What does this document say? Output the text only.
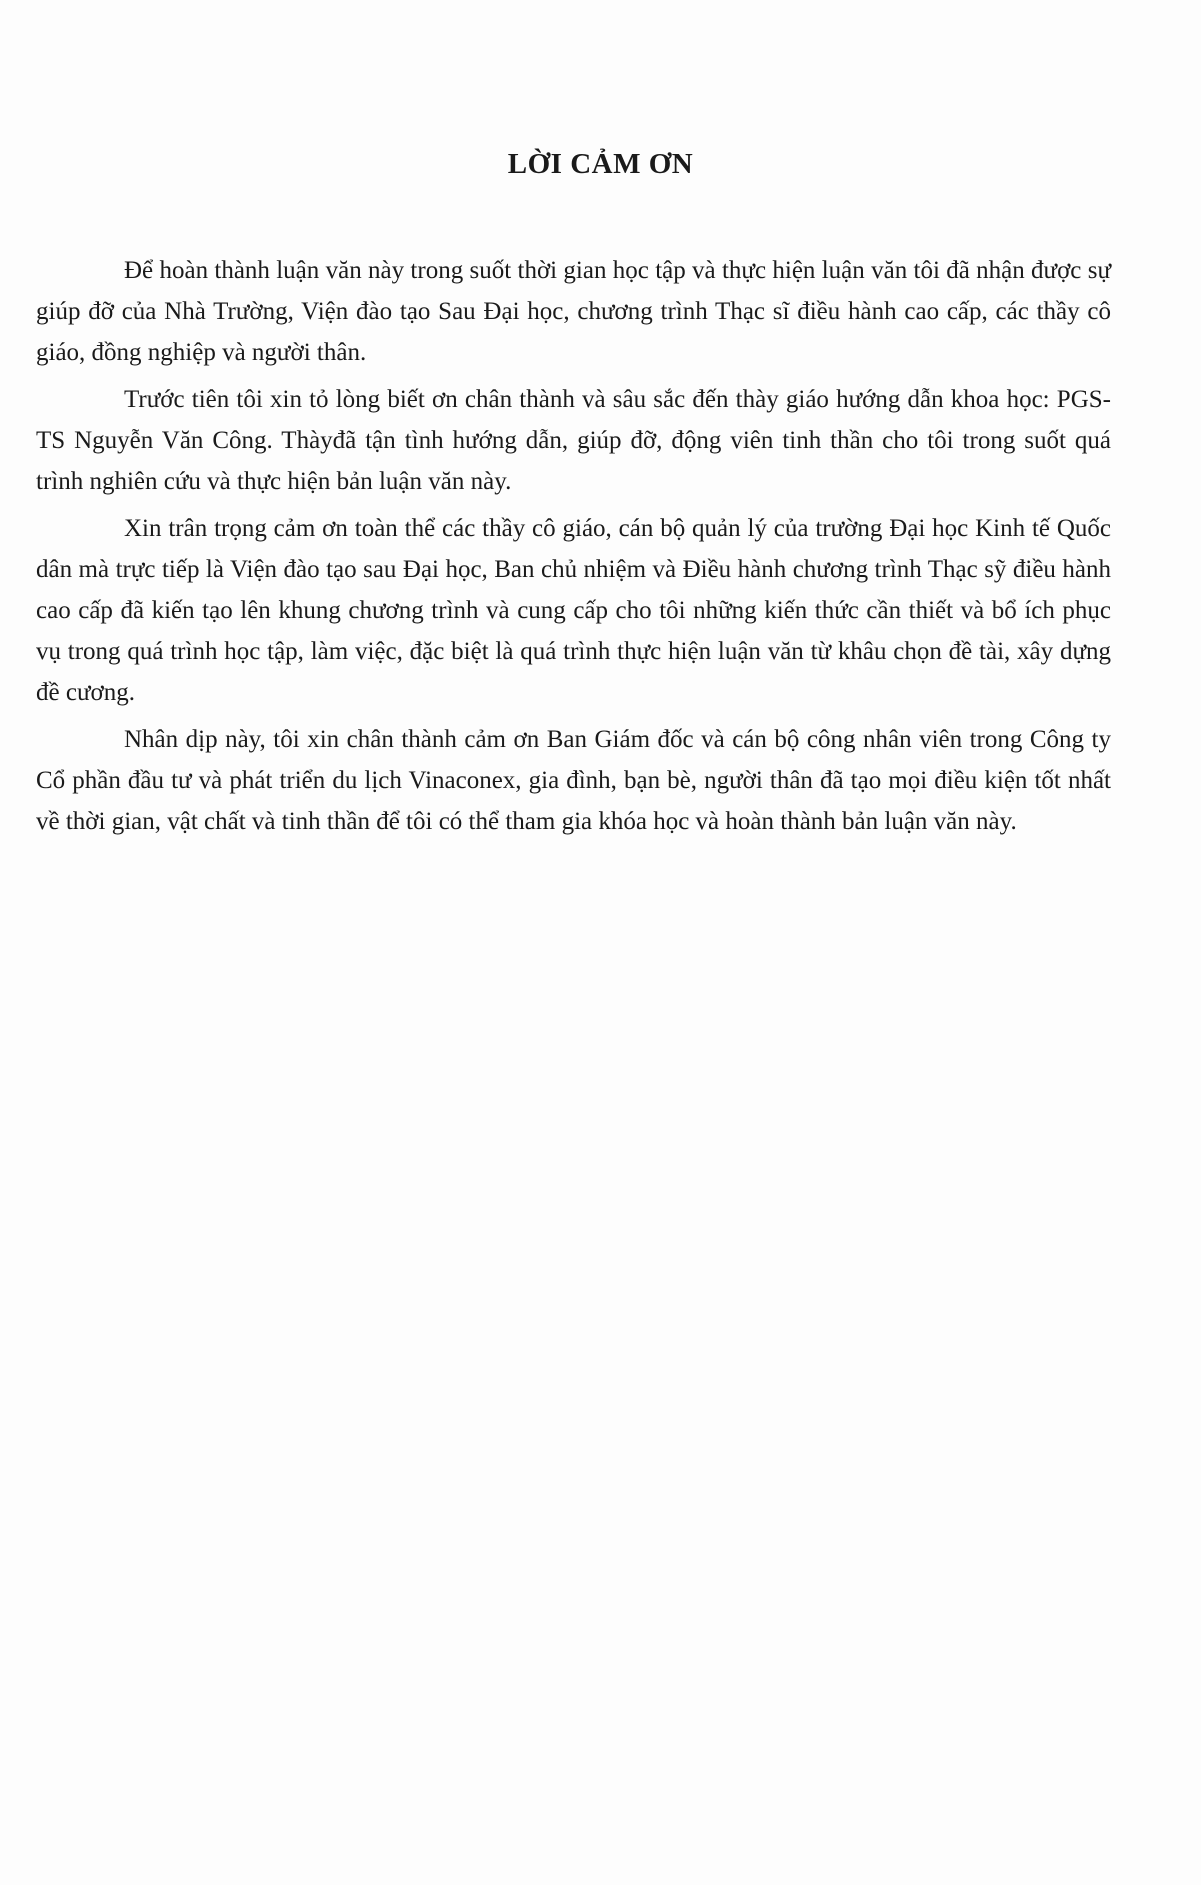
LỜI CẢM ƠN

Để hoàn thành luận văn này trong suốt thời gian học tập và thực hiện luận văn tôi đã nhận được sự giúp đỡ của Nhà Trường, Viện đào tạo Sau Đại học, chương trình Thạc sĩ điều hành cao cấp, các thầy cô giáo, đồng nghiệp và người thân.

Trước tiên tôi xin tỏ lòng biết ơn chân thành và sâu sắc đến thày giáo hướng dẫn khoa học: PGS-TS Nguyễn Văn Công. Thàyđã tận tình hướng dẫn, giúp đỡ, động viên tinh thần cho tôi trong suốt quá trình nghiên cứu và thực hiện bản luận văn này.

Xin trân trọng cảm ơn toàn thể các thầy cô giáo, cán bộ quản lý của trường Đại học Kinh tế Quốc dân mà trực tiếp là Viện đào tạo sau Đại học, Ban chủ nhiệm và Điều hành chương trình Thạc sỹ điều hành cao cấp đã kiến tạo lên khung chương trình và cung cấp cho tôi những kiến thức cần thiết và bổ ích phục vụ trong quá trình học tập, làm việc, đặc biệt là quá trình thực hiện luận văn từ khâu chọn đề tài, xây dựng đề cương.

Nhân dịp này, tôi xin chân thành cảm ơn Ban Giám đốc và cán bộ công nhân viên trong Công ty Cổ phần đầu tư và phát triển du lịch Vinaconex, gia đình, bạn bè, người thân đã tạo mọi điều kiện tốt nhất về thời gian, vật chất và tinh thần để tôi có thể tham gia khóa học và hoàn thành bản luận văn này.
